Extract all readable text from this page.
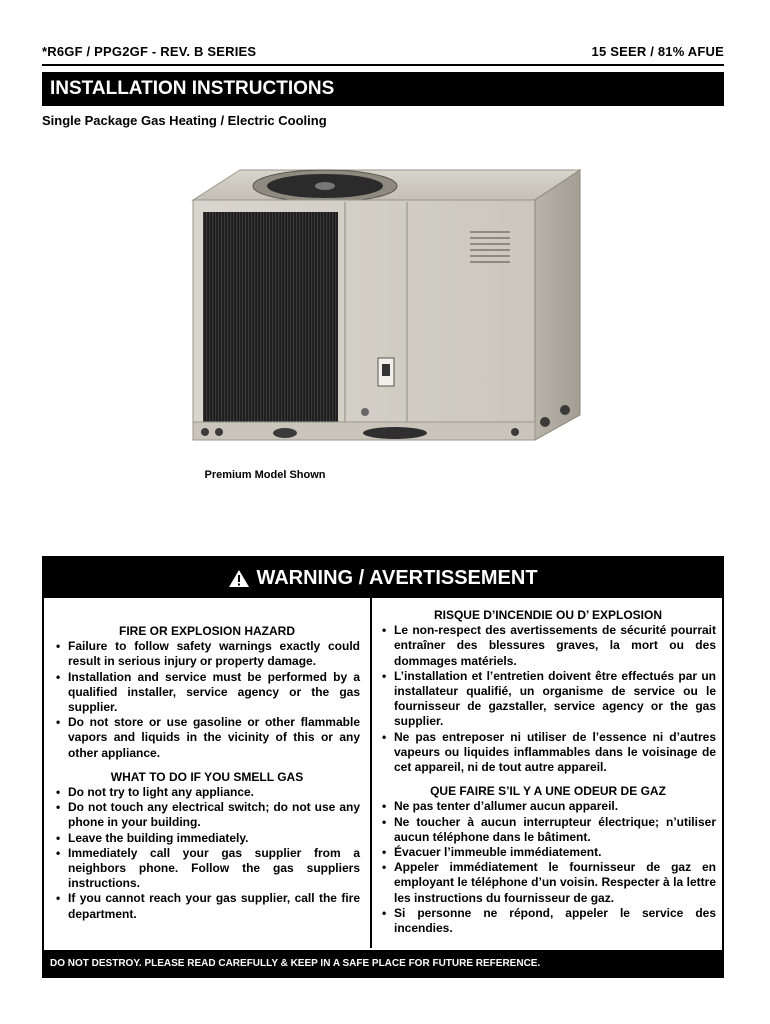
*R6GF / PPG2GF - REV. B SERIES	15 SEER / 81% AFUE
INSTALLATION INSTRUCTIONS
Single Package Gas Heating / Electric Cooling
Premium Model Shown
WARNING / AVERTISSEMENT
FIRE OR EXPLOSION HAZARD
• Failure to follow safety warnings exactly could result in serious injury or property damage.
• Installation and service must be performed by a qualified installer, service agency or the gas supplier.
• Do not store or use gasoline or other flammable vapors and liquids in the vicinity of this or any other appliance.
WHAT TO DO IF YOU SMELL GAS
• Do not try to light any appliance.
• Do not touch any electrical switch; do not use any phone in your building.
• Leave the building immediately.
• Immediately call your gas supplier from a neighbors phone. Follow the gas suppliers instructions.
• If you cannot reach your gas supplier, call the fire department.
RISQUE D’INCENDIE OU D’ EXPLOSION
• Le non-respect des avertissements de sécurité pourrait entraîner des blessures graves, la mort ou des dommages matériels.
• L’installation et l’entretien doivent être effectués par un installateur qualifié, un organisme de service ou le fournisseur de gazstaller, service agency or the gas supplier.
• Ne pas entreposer ni utiliser de l’essence ni d’autres vapeurs ou liquides inflammables dans le voisinage de cet appareil, ni de tout autre appareil.
QUE FAIRE S’IL Y A UNE ODEUR DE GAZ
• Ne pas tenter d’allumer aucun appareil.
• Ne toucher à aucun interrupteur électrique; n’utiliser aucun téléphone dans le bâtiment.
• Évacuer l’immeuble immédiatement.
• Appeler immédiatement le fournisseur de gaz en employant le téléphone d’un voisin. Respecter à la lettre les instructions du fournisseur de gaz.
• Si personne ne répond, appeler le service des incendies.
DO NOT DESTROY. PLEASE READ CAREFULLY & KEEP IN A SAFE PLACE FOR FUTURE REFERENCE.
